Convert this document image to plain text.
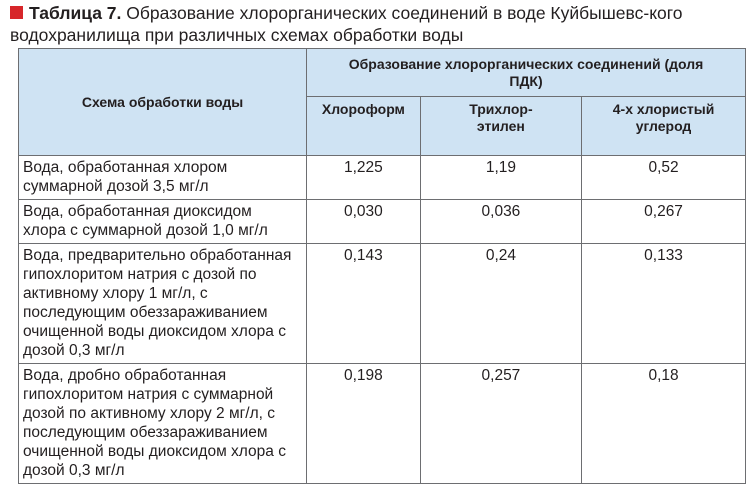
Таблица 7. Образование хлорорганических соединений в воде Куйбышевс-кого водохранилища при различных схемах обработки воды
Схема обработки воды	Образование хлорорганических соединений (доля ПДК)		
	Хлороформ	Трихлор-этилен	4-х хлористый углерод
Вода, обработанная хлором суммарной дозой 3,5 мг/л	1,225	1,19	0,52
Вода, обработанная диоксидом хлора с суммарной дозой 1,0 мг/л	0,030	0,036	0,267
Вода, предварительно обработанная гипохлоритом натрия с дозой по активному хлору 1 мг/л, с последующим обеззараживанием очищенной воды диоксидом хлора с дозой 0,3 мг/л	0,143	0,24	0,133
Вода, дробно обработанная гипохлоритом натрия с суммарной дозой по активному хлору 2 мг/л, с последующим обеззараживанием очищенной воды диоксидом хлора с дозой 0,3 мг/л	0,198	0,257	0,18
